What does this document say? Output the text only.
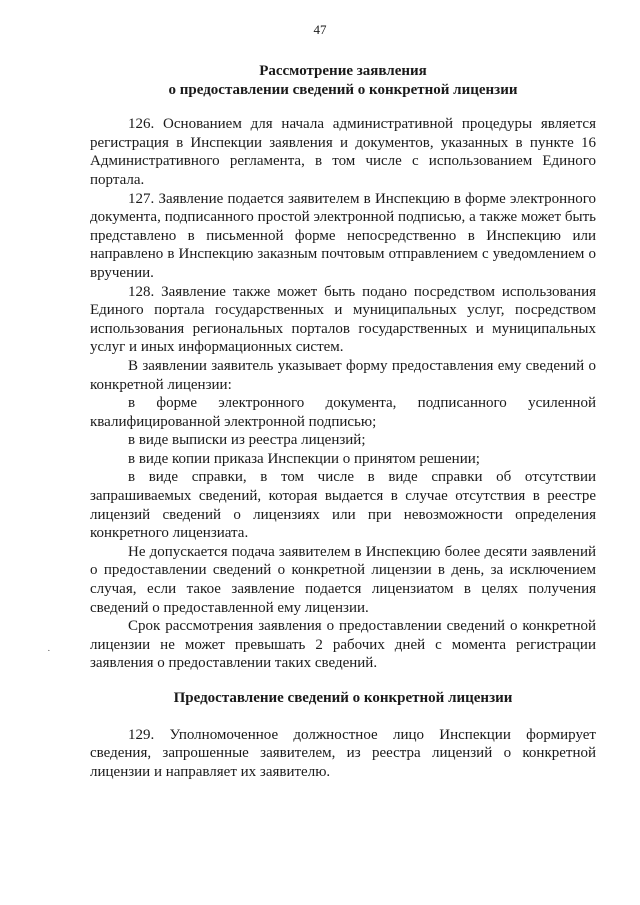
47
˙
Рассмотрение заявления
о предоставлении сведений о конкретной лицензии

126. Основанием для начала административной процедуры является регистрация в Инспекции заявления и документов, указанных в пункте 16 Административного регламента, в том числе с использованием Единого портала.

127. Заявление подается заявителем в Инспекцию в форме электронного документа, подписанного простой электронной подписью, а также может быть представлено в письменной форме непосредственно в Инспекцию или направлено в Инспекцию заказным почтовым отправлением с уведомлением о вручении.

128. Заявление также может быть подано посредством использования Единого портала государственных и муниципальных услуг, посредством использования региональных порталов государственных и муниципальных услуг и иных информационных систем.

В заявлении заявитель указывает форму предоставления ему сведений о конкретной лицензии:

в форме электронного документа, подписанного усиленной квалифицированной электронной подписью;

в виде выписки из реестра лицензий;

в виде копии приказа Инспекции о принятом решении;

в виде справки, в том числе в виде справки об отсутствии запрашиваемых сведений, которая выдается в случае отсутствия в реестре лицензий сведений о лицензиях или при невозможности определения конкретного лицензиата.

Не допускается подача заявителем в Инспекцию более десяти заявлений о предоставлении сведений о конкретной лицензии в день, за исключением случая, если такое заявление подается лицензиатом в целях получения сведений о предоставленной ему лицензии.

Срок рассмотрения заявления о предоставлении сведений о конкретной лицензии не может превышать 2 рабочих дней с момента регистрации заявления о предоставлении таких сведений.

Предоставление сведений о конкретной лицензии

129. Уполномоченное должностное лицо Инспекции формирует сведения, запрошенные заявителем, из реестра лицензий о конкретной лицензии и направляет их заявителю.
